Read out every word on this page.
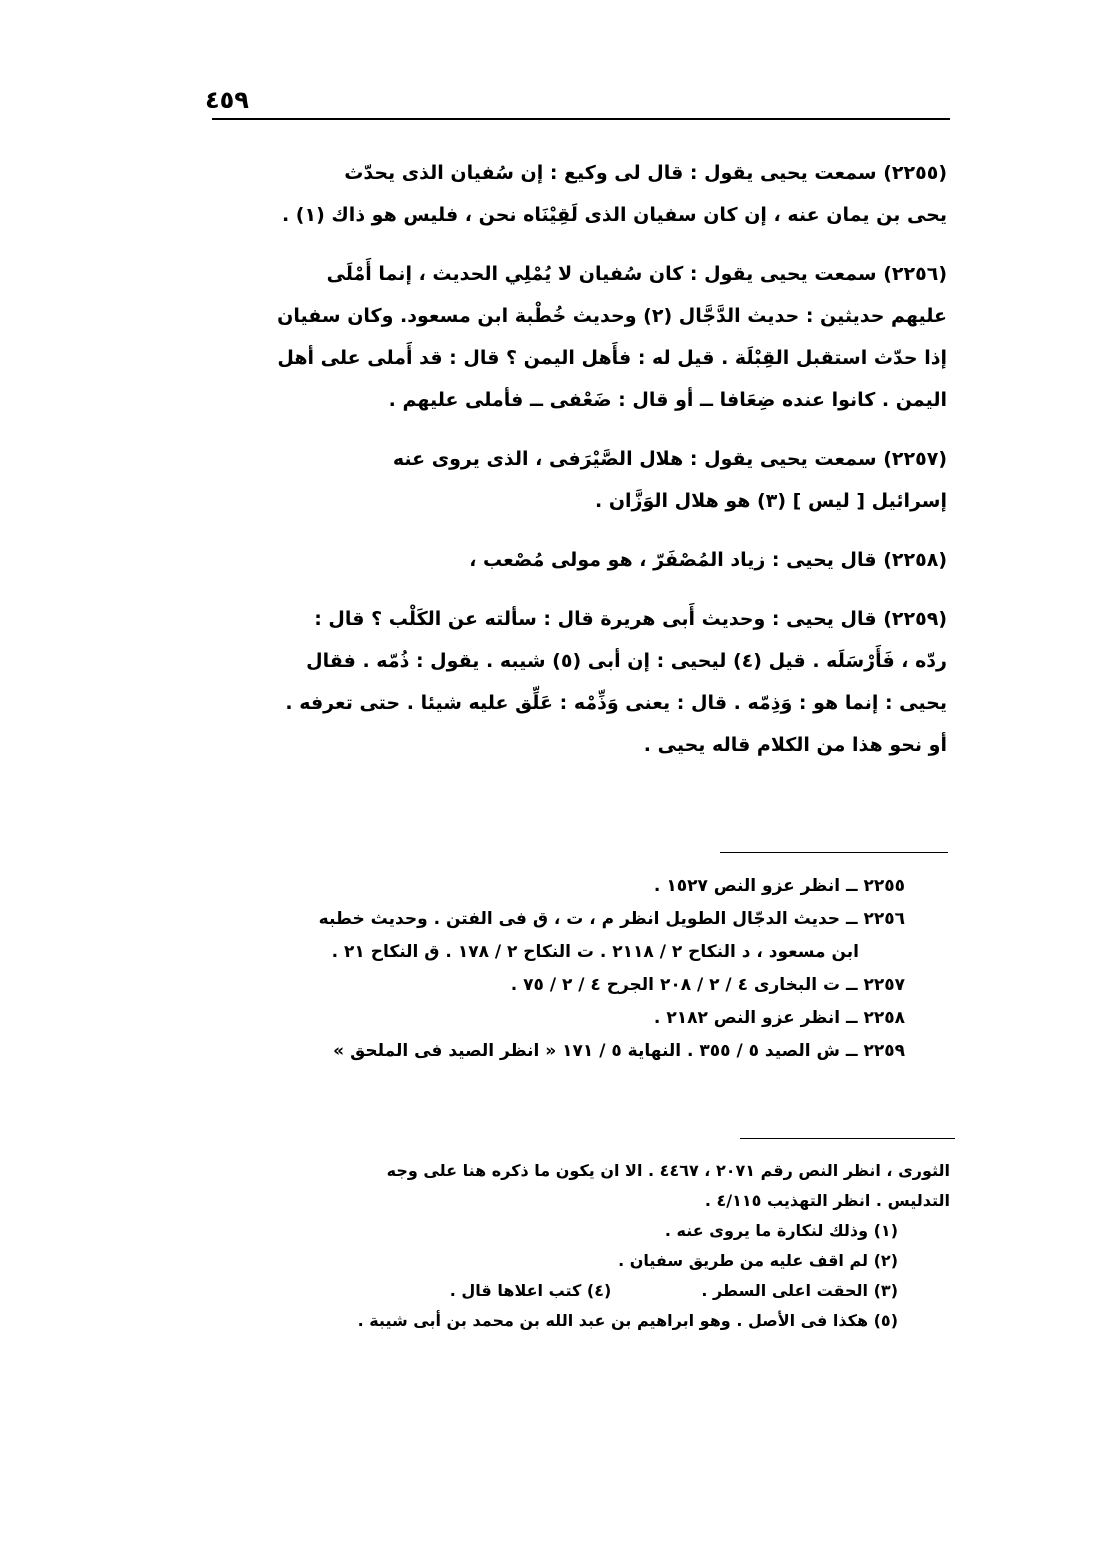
٤٥٩
(٢٢٥٥) سمعت يحيى يقول : قال لى وكيع : إن سُفيان الذى يحدّث
يحى بن يمان عنه ، إن كان سفيان الذى لَقِيْنَاه نحن ، فليس هو ذاك (١) .
(٢٢٥٦) سمعت يحيى يقول : كان سُفيان لا يُمْلِي الحديث ، إنما أَمْلَى
عليهم حديثين : حديث الدَّجَّال (٢) وحديث خُطْبة ابن مسعود. وكان سفيان
إذا حدّث استقبل القِبْلَة . قيل له : فأَهل اليمن ؟ قال : قد أَملى على أهل
اليمن . كانوا عنده ضِعَافا ــ أو قال : ضَعْفى ــ فأملى عليهم .
(٢٢٥٧) سمعت يحيى يقول : هلال الصَّيْرَفى ، الذى يروى عنه
إسرائيل [ ليس ] (٣) هو هلال الوَزَّان .
(٢٢٥٨) قال يحيى : زياد المُصْفَرّ ، هو مولى مُصْعب ،
(٢٢٥٩) قال يحيى : وحديث أَبى هريرة قال : سألته عن الكَلْب ؟ قال :
ردّه ، فَأَرْسَلَه . قيل (٤) ليحيى : إن أبى (٥) شيبه . يقول : ذُمّه . فقال
يحيى : إنما هو : وَذِمّه . قال : يعنى وَذِّمْه : عَلِّق عليه شيئا . حتى تعرفه .
أو نحو هذا من الكلام قاله يحيى .
٢٢٥٥ ــ انظر عزو النص ١٥٢٧ .
٢٢٥٦ ــ حديث الدجّال الطويل انظر م ، ت ، ق فى الفتن . وحديث خطبه
ابن مسعود ، د النكاح ٢ / ٢١١٨ . ت النكاح ٢ / ١٧٨ . ق النكاح ٢١ .
٢٢٥٧ ــ ت البخارى ٤ / ٢ / ٢٠٨ الجرح ٤ / ٢ / ٧٥ .
٢٢٥٨ ــ انظر عزو النص ٢١٨٢ .
٢٢٥٩ ــ ش الصيد ٥ / ٣٥٥ . النهاية ٥ / ١٧١ « انظر الصيد فى الملحق »
الثورى ، انظر النص رقم ٢٠٧١ ، ٤٤٦٧ . الا ان يكون ما ذكره هنا على وجه
التدليس . انظر التهذيب ٤/١١٥ .
(١) وذلك لنكارة ما يروى عنه .
(٢) لم اقف عليه من طريق سفيان .
(٣) الحقت اعلى السطر .
(٤) كتب اعلاها قال .
(٥) هكذا فى الأصل . وهو ابراهيم بن عبد الله بن محمد بن أبى شيبة .
